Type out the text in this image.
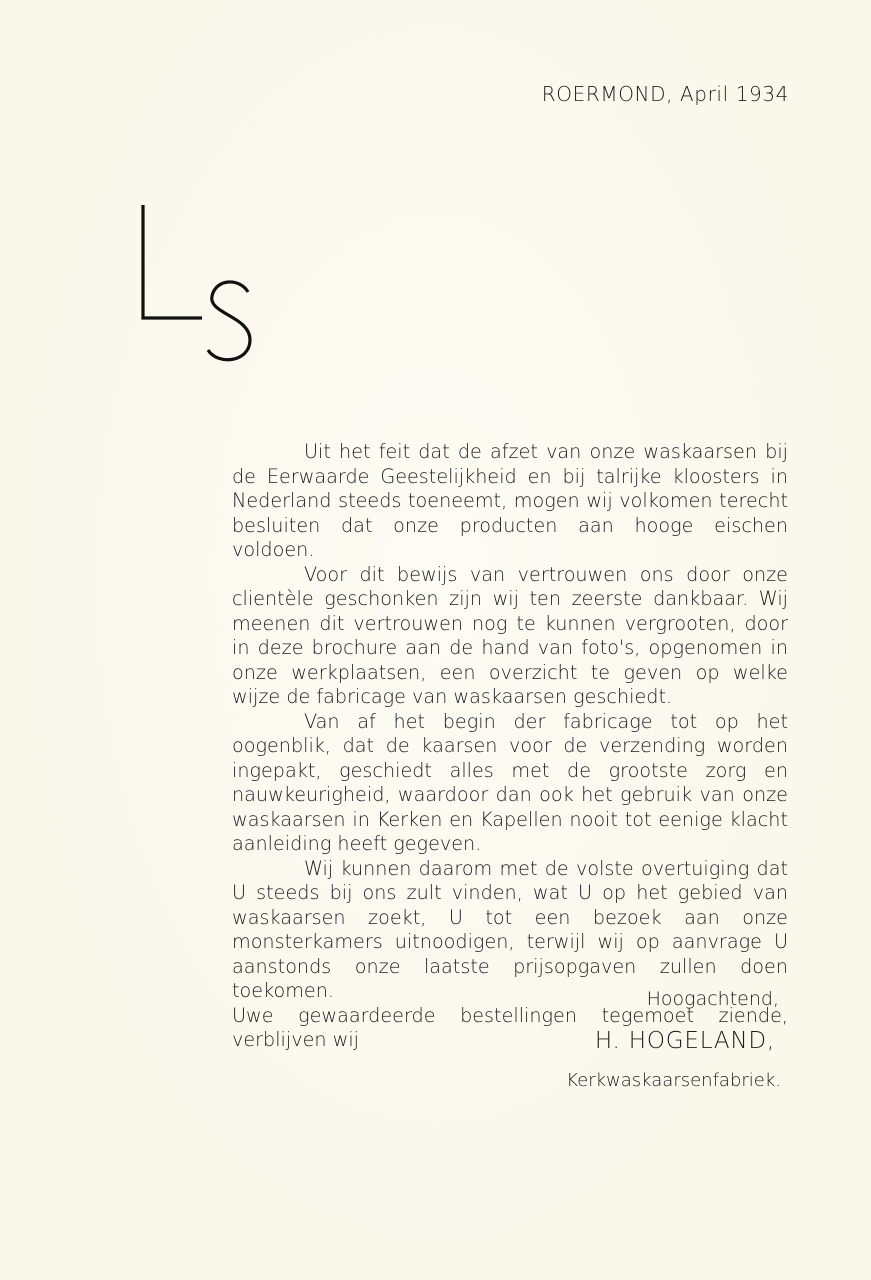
ROERMOND, April 1934

Uit het feit dat de afzet van onze waskaarsen bij de Eerwaarde Geestelijkheid en bij talrijke kloosters in Nederland steeds toeneemt, mogen wij volkomen terecht besluiten dat onze producten aan hooge eischen voldoen.

Voor dit bewijs van vertrouwen ons door onze clientèle geschonken zijn wij ten zeerste dankbaar. Wij meenen dit vertrouwen nog te kunnen vergrooten, door in deze brochure aan de hand van foto's, opgenomen in onze werkplaatsen, een overzicht te geven op welke wijze de fabricage van waskaarsen geschiedt.

Van af het begin der fabricage tot op het oogenblik, dat de kaarsen voor de verzending worden ingepakt, geschiedt alles met de grootste zorg en nauwkeurigheid, waardoor dan ook het gebruik van onze waskaarsen in Kerken en Kapellen nooit tot eenige klacht aanleiding heeft gegeven.

Wij kunnen daarom met de volste overtuiging dat U steeds bij ons zult vinden, wat U op het gebied van waskaarsen zoekt, U tot een bezoek aan onze monsterkamers uitnoodigen, terwijl wij op aanvrage U aanstonds onze laatste prijsopgaven zullen doen toekomen.

Uwe gewaardeerde bestellingen tegemoet ziende, verblijven wij

Hoogachtend,
H. HOGELAND,
Kerkwaskaarsenfabriek.
